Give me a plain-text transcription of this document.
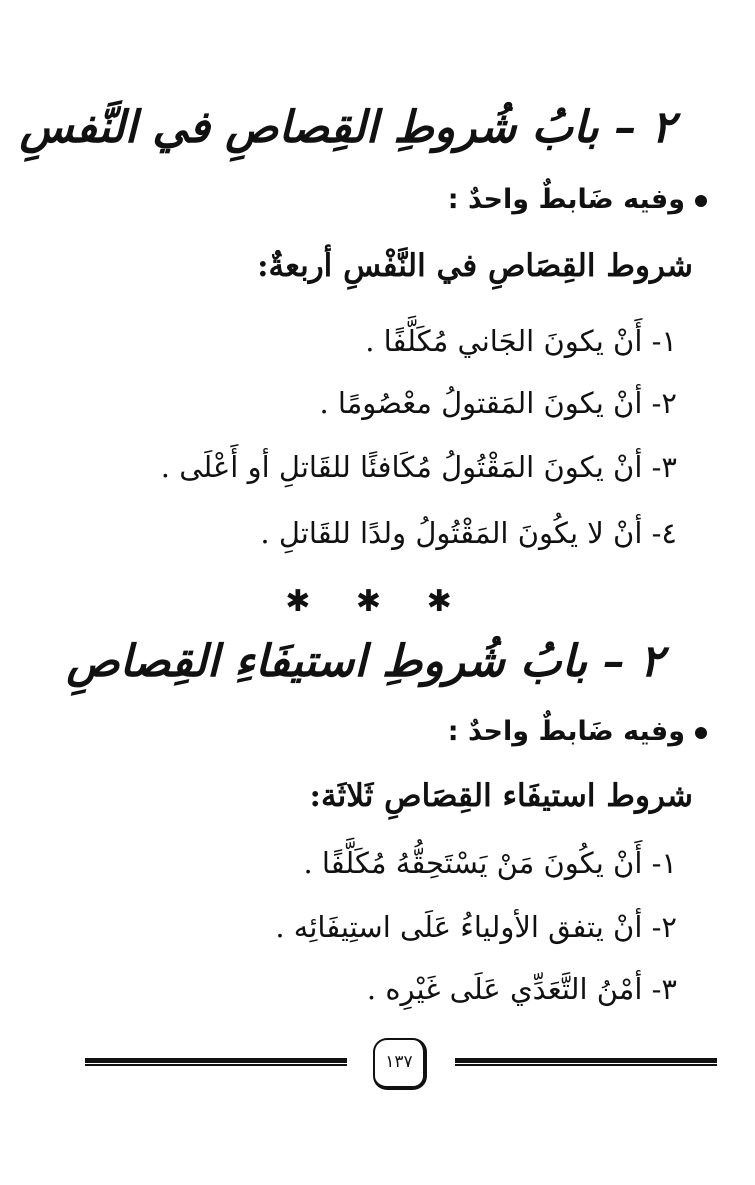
٢ – بابُ شُروطِ القِصاصِ في النَّفسِ
وفيه ضَابطٌ واحدٌ :
شروط القِصَاصِ في النَّفْسِ أربعةٌ:
١- أَنْ يكونَ الجَاني مُكَلَّفًا .
٢- أنْ يكونَ المَقتولُ معْصُومًا .
٣- أنْ يكونَ المَقْتُولُ مُكَافئًا للقَاتلِ أو أَعْلَى .
٤- أنْ لا يكُونَ المَقْتُولُ ولدًا للقَاتلِ .
✱ ✱ ✱
٢ – بابُ شُروطِ استيفَاءِ القِصاصِ
وفيه ضَابطٌ واحدٌ :
شروط استيفَاء القِصَاصِ ثَلاثَة:
١- أَنْ يكُونَ مَنْ يَسْتَحِقُّهُ مُكَلَّفًا .
٢- أنْ يتفق الأولياءُ عَلَى استِيفَائِه .
٣- أمْنُ التَّعَدِّي عَلَى غَيْرِه .
١٣٧
